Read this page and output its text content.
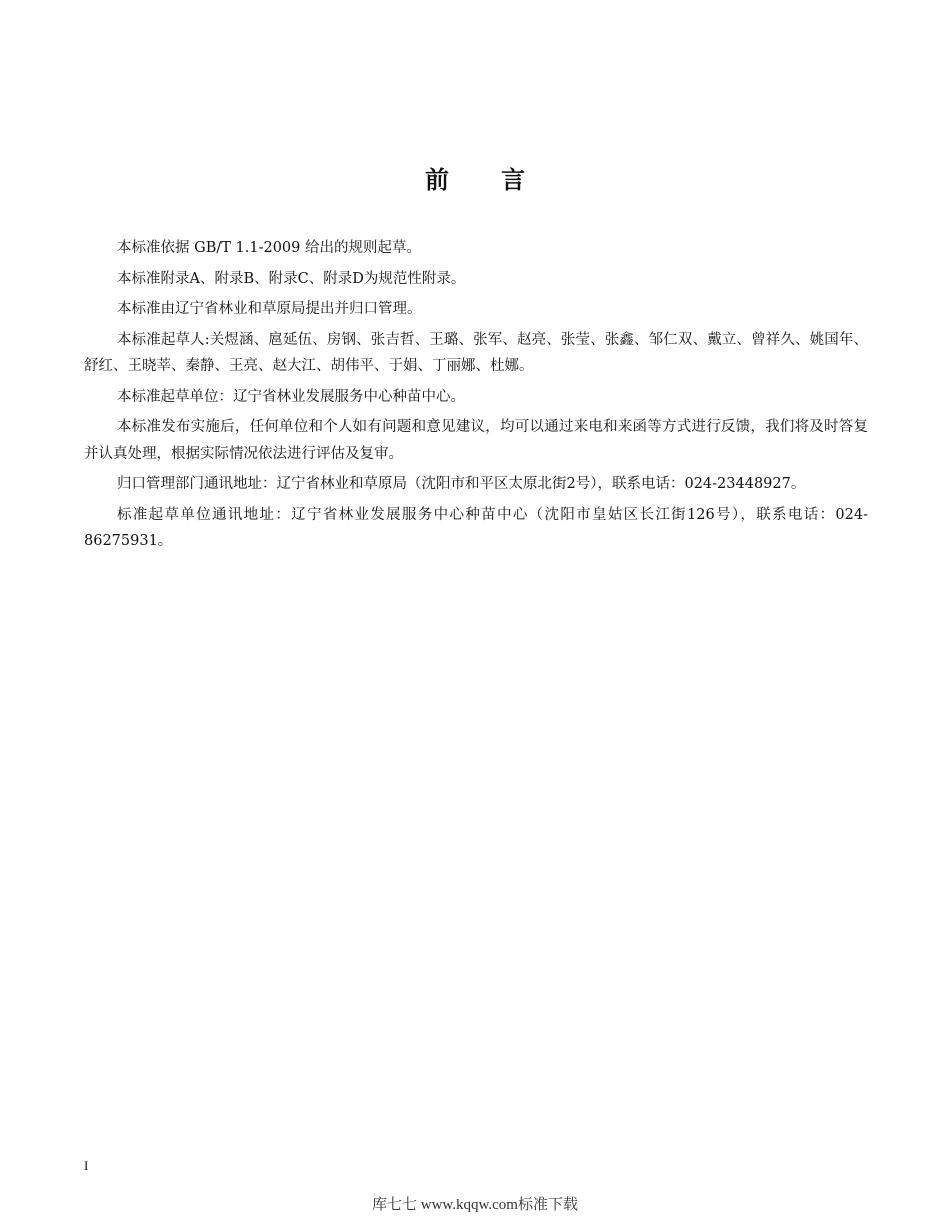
前言

本标准依据 GB/T 1.1-2009 给出的规则起草。

本标准附录A、附录B、附录C、附录D为规范性附录。

本标准由辽宁省林业和草原局提出并归口管理。

本标准起草人:关煜涵、扈延伍、房钢、张吉哲、王璐、张军、赵亮、张莹、张鑫、邹仁双、戴立、曾祥久、姚国年、舒红、王晓莘、秦静、王亮、赵大江、胡伟平、于娟、丁丽娜、杜娜。

本标准起草单位：辽宁省林业发展服务中心种苗中心。

本标准发布实施后，任何单位和个人如有问题和意见建议，均可以通过来电和来函等方式进行反馈，我们将及时答复并认真处理，根据实际情况依法进行评估及复审。

归口管理部门通讯地址：辽宁省林业和草原局（沈阳市和平区太原北街2号），联系电话：024-23448927。

标准起草单位通讯地址：辽宁省林业发展服务中心种苗中心（沈阳市皇姑区长江街126号），联系电话：024-86275931。

I
库七七 www.kqqw.com标准下载
